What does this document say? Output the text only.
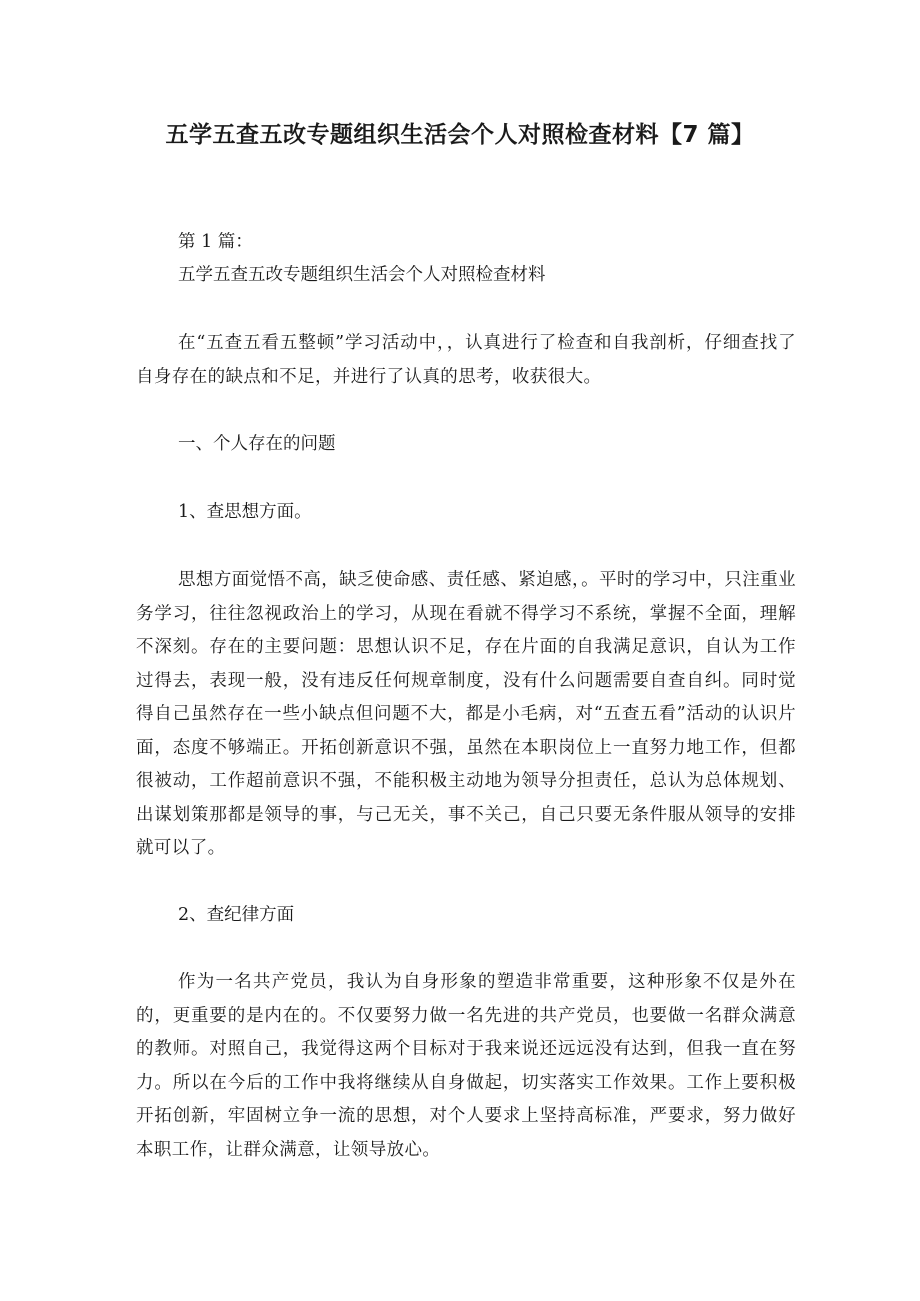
五学五查五改专题组织生活会个人对照检查材料【7 篇】

第 1 篇：

五学五查五改专题组织生活会个人对照检查材料

在“五查五看五整顿”学习活动中，，认真进行了检查和自我剖析，仔细查找了自身存在的缺点和不足，并进行了认真的思考，收获很大。

一、个人存在的问题

1、查思想方面。

思想方面觉悟不高，缺乏使命感、责任感、紧迫感，。平时的学习中，只注重业务学习，往往忽视政治上的学习，从现在看就不得学习不系统，掌握不全面，理解不深刻。存在的主要问题：思想认识不足，存在片面的自我满足意识，自认为工作过得去，表现一般，没有违反任何规章制度，没有什么问题需要自查自纠。同时觉得自己虽然存在一些小缺点但问题不大，都是小毛病，对“五查五看”活动的认识片面，态度不够端正。开拓创新意识不强，虽然在本职岗位上一直努力地工作，但都很被动，工作超前意识不强，不能积极主动地为领导分担责任，总认为总体规划、出谋划策那都是领导的事，与己无关，事不关己，自己只要无条件服从领导的安排就可以了。

2、查纪律方面

作为一名共产党员，我认为自身形象的塑造非常重要，这种形象不仅是外在的，更重要的是内在的。不仅要努力做一名先进的共产党员，也要做一名群众满意的教师。对照自己，我觉得这两个目标对于我来说还远远没有达到，但我一直在努力。所以在今后的工作中我将继续从自身做起，切实落实工作效果。工作上要积极开拓创新，牢固树立争一流的思想，对个人要求上坚持高标准，严要求，努力做好本职工作，让群众满意，让领导放心。
